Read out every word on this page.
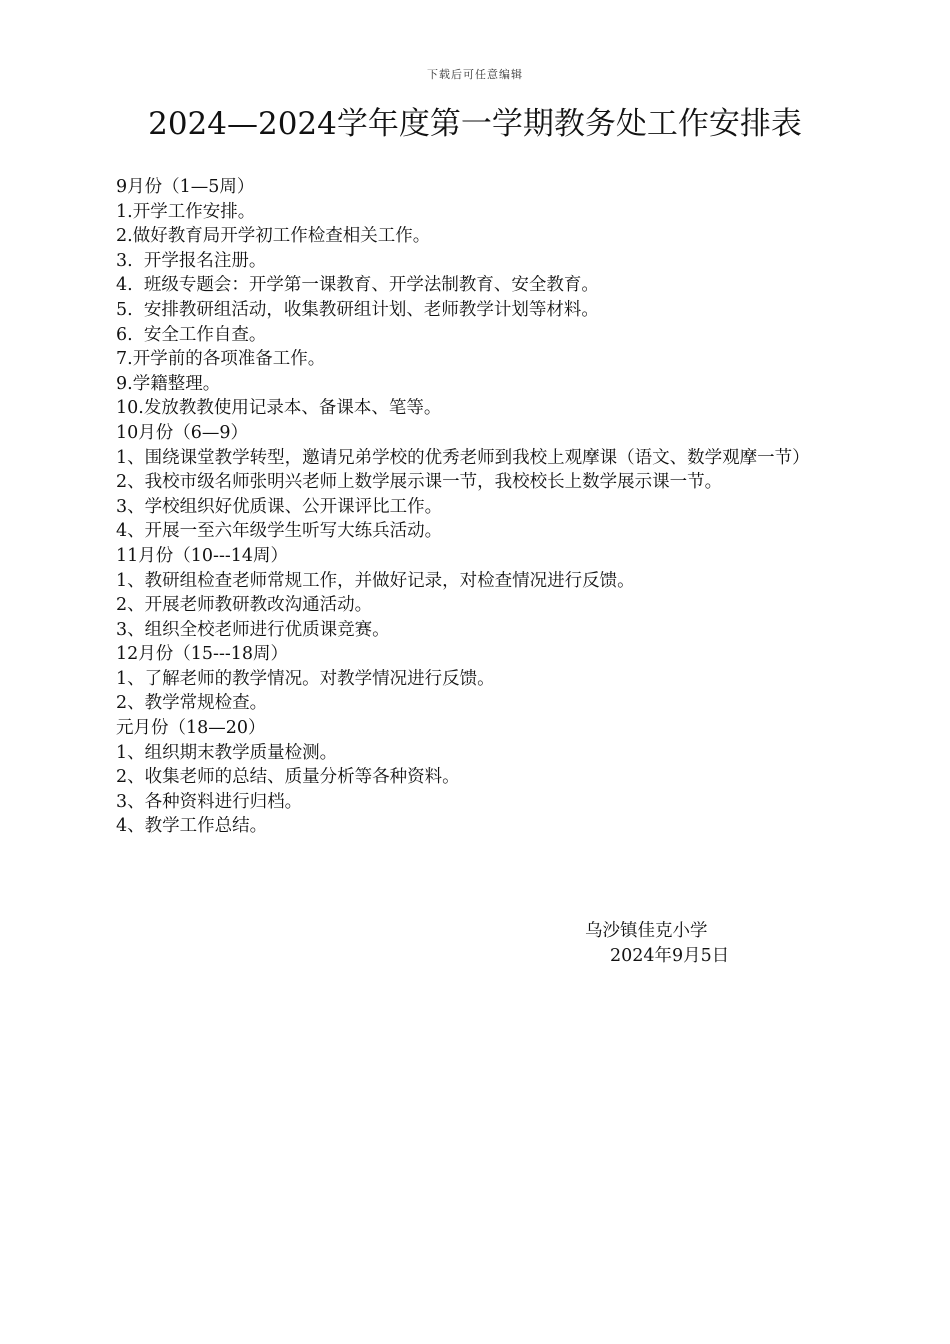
下载后可任意编辑
2024—2024学年度第一学期教务处工作安排表
9月份（1—5周）
1.开学工作安排。
2.做好教育局开学初工作检查相关工作。
3.  开学报名注册。
4.  班级专题会：开学第一课教育、开学法制教育、安全教育。
5.  安排教研组活动，收集教研组计划、老师教学计划等材料。
6.  安全工作自查。
7.开学前的各项准备工作。
9.学籍整理。
10.发放教教使用记录本、备课本、笔等。
10月份（6—9）
1、围绕课堂教学转型，邀请兄弟学校的优秀老师到我校上观摩课（语文、数学观摩一节）
2、我校市级名师张明兴老师上数学展示课一节，我校校长上数学展示课一节。
3、学校组织好优质课、公开课评比工作。
4、开展一至六年级学生听写大练兵活动。
11月份（10---14周）
1、教研组检查老师常规工作，并做好记录，对检查情况进行反馈。
2、开展老师教研教改沟通活动。
3、组织全校老师进行优质课竞赛。
12月份（15---18周）
1、了解老师的教学情况。对教学情况进行反馈。
2、教学常规检查。
元月份（18—20）
1、组织期末教学质量检测。
2、收集老师的总结、质量分析等各种资料。
3、各种资料进行归档。
4、教学工作总结。
乌沙镇佳克小学
2024年9月5日
